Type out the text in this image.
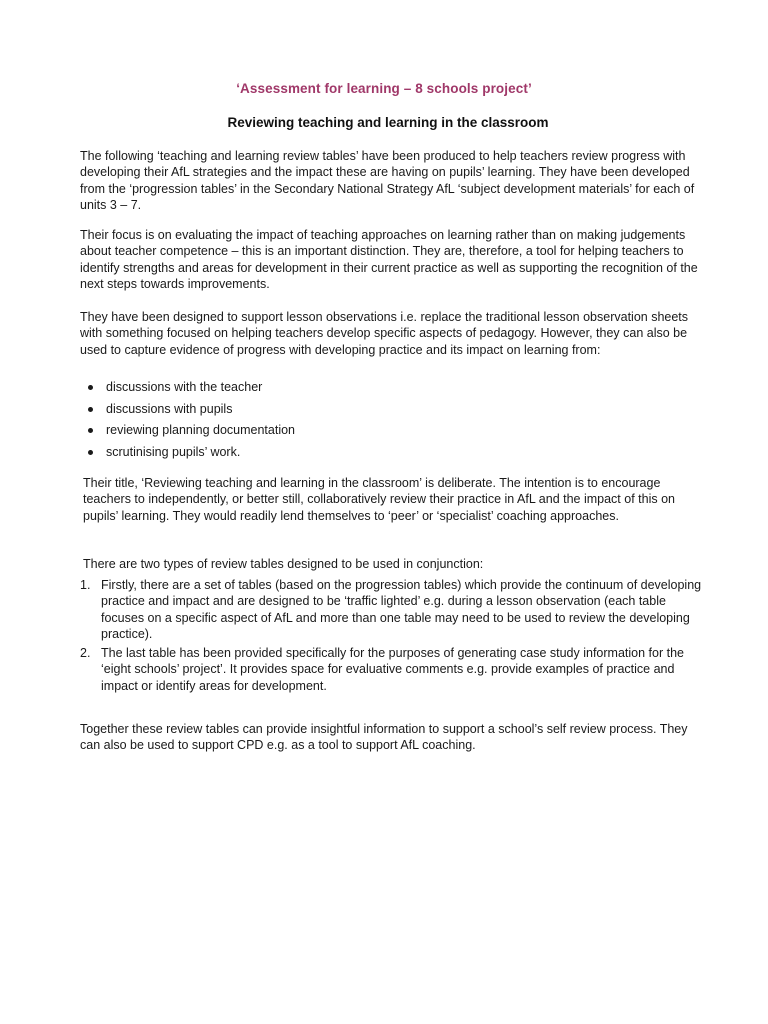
‘Assessment for learning – 8 schools project’
Reviewing teaching and learning in the classroom

The following ‘teaching and learning review tables’ have been produced to help teachers review progress with developing their AfL strategies and the impact these are having on pupils’ learning. They have been developed from the ‘progression tables’ in the Secondary National Strategy AfL ‘subject development materials’ for each of units 3 – 7.

Their focus is on evaluating the impact of teaching approaches on learning rather than on making judgements about teacher competence – this is an important distinction. They are, therefore, a tool for helping teachers to identify strengths and areas for development in their current practice as well as supporting the recognition of the next steps towards improvements.

They have been designed to support lesson observations i.e. replace the traditional lesson observation sheets with something focused on helping teachers develop specific aspects of pedagogy. However, they can also be used to capture evidence of progress with developing practice and its impact on learning from:

discussions with the teacher
discussions with pupils
reviewing planning documentation
scrutinising pupils’ work.

Their title, ‘Reviewing teaching and learning in the classroom’ is deliberate. The intention is to encourage teachers to independently, or better still, collaboratively review their practice in AfL and the impact of this on pupils’ learning. They would readily lend themselves to ‘peer’ or ‘specialist’ coaching approaches.

There are two types of review tables designed to be used in conjunction:

1. Firstly, there are a set of tables (based on the progression tables) which provide the continuum of developing practice and impact and are designed to be ‘traffic lighted’ e.g. during a lesson observation (each table focuses on a specific aspect of AfL and more than one table may need to be used to review the developing practice).
2. The last table has been provided specifically for the purposes of generating case study information for the ‘eight schools’ project’. It provides space for evaluative comments e.g. provide examples of practice and impact or identify areas for development.

Together these review tables can provide insightful information to support a school’s self review process. They can also be used to support CPD e.g. as a tool to support AfL coaching.
